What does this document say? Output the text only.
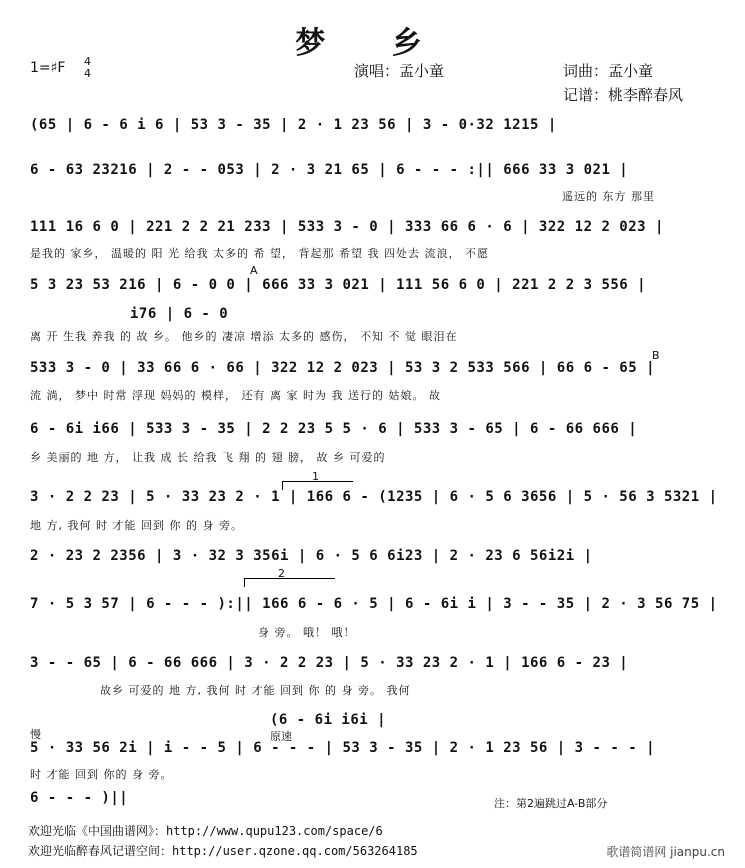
梦 乡
1=♯F 4
4	演唱：孟小童	词曲：孟小童
记谱：桃李醉春风
(65 | 6 - 6 i 6 | 53 3 - 35 | 2 · 1 23 56 | 3 - 0·32 1215 |
6 - 63 23216 | 2 - - 053 | 2 · 3 21 65 | 6 - - - :|| 666 33 3 021 |
遥远的 东方 那里
111 16 6 0 | 221 2 2 21 233 | 533 3 - 0 | 333 66 6 · 6 | 322 12 2 023 |
是我的 家乡， 温暖的 阳 光 给我 太多的 希 望， 背起那 希望 我 四处去 流浪， 不愿
A
5 3 23 53 216 | 6 - 0 0 | 666 33 3 021 | 111 56 6 0 | 221 2 2 3 556 |
i76 | 6 - 0
离 开 生我 养我 的 故 乡。 他乡的 凄凉 增添 太多的 感伤， 不知 不 觉 眼泪在
B
533 3 - 0 | 33 66 6 · 66 | 322 12 2 023 | 53 3 2 533 566 | 66 6 - 65 |
流 淌， 梦中 时常 浮现 妈妈的 模样， 还有 离 家 时为 我 送行的 姑娘。 故
6 - 6i i66 | 533 3 - 35 | 2 2 23 5 5 · 6 | 533 3 - 65 | 6 - 66 666 |
乡 美丽的 地 方， 让我 成 长 给我 飞 翔 的 翅 膀， 故 乡 可爱的
1
3 · 2 2 23 | 5 · 33 23 2 · 1 | 166 6 - (1235 | 6 · 5 6 3656 | 5 · 56 3 5321 |
地 方, 我何 时 才能 回到 你 的 身 旁。
2 · 23 2 2356 | 3 · 32 3 356i | 6 · 5 6 6i23 | 2 · 23 6 56i2i |
2
7 · 5 3 57 | 6 - - - ):|| 166 6 - 6 · 5 | 6 - 6i i | 3 - - 35 | 2 · 3 56 75 |
身 旁。 哦！ 哦！
3 - - 65 | 6 - 66 666 | 3 · 2 2 23 | 5 · 33 23 2 · 1 | 166 6 - 23 |
故乡 可爱的 地 方, 我何 时 才能 回到 你 的 身 旁。 我何
(6 - 6i i6i |
慢	原速
5 · 33 56 2i | i - - 5 | 6 - - - | 53 3 - 35 | 2 · 1 23 56 | 3 - - - |
时 才能 回到 你的 身 旁。
6 - - - )||	注：第2遍跳过A-B部分
欢迎光临《中国曲谱网》：http://www.qupu123.com/space/6
欢迎光临醉春风记谱空间：http://user.qzone.qq.com/563264185	歌谱简谱网 jianpu.cn
